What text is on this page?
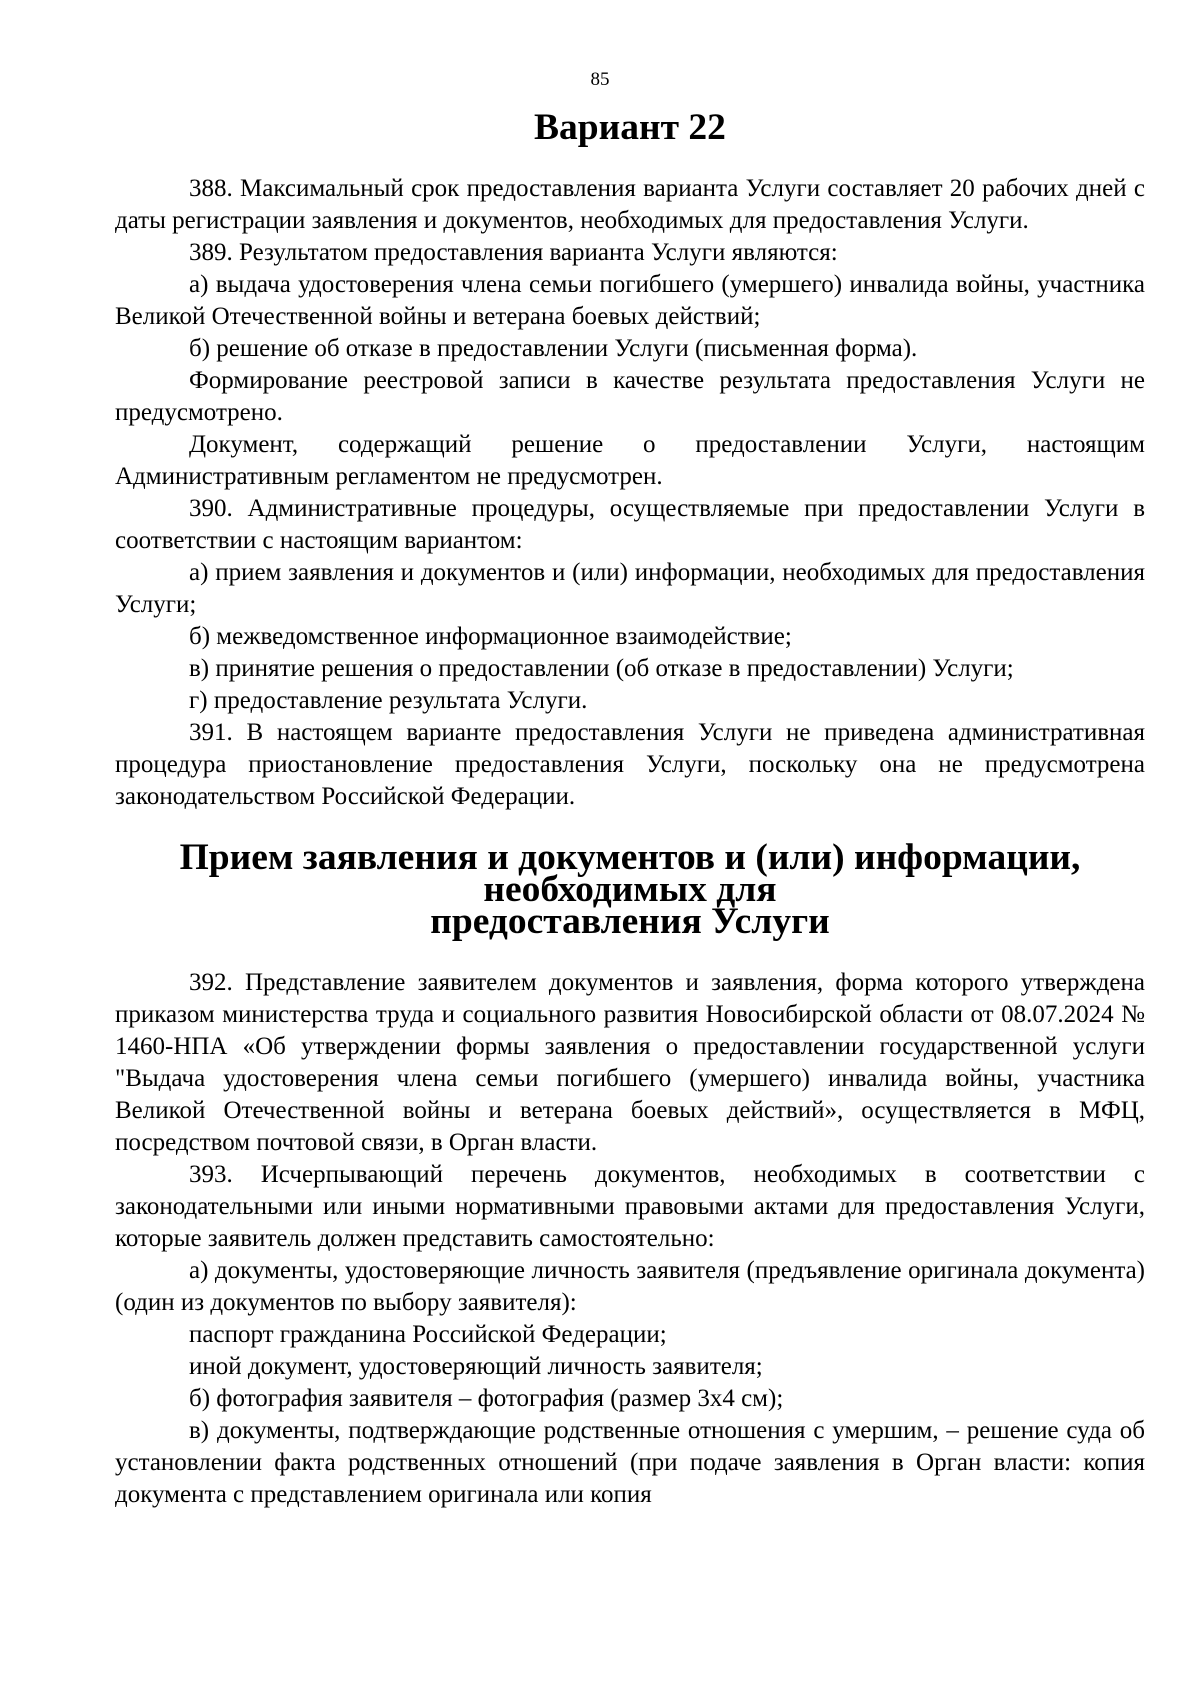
85
Вариант 22

388. Максимальный срок предоставления варианта Услуги составляет 20 рабочих дней с даты регистрации заявления и документов, необходимых для предоставления Услуги.

389. Результатом предоставления варианта Услуги являются:

а) выдача удостоверения члена семьи погибшего (умершего) инвалида войны, участника Великой Отечественной войны и ветерана боевых действий;

б) решение об отказе в предоставлении Услуги (письменная форма).

Формирование реестровой записи в качестве результата предоставления Услуги не предусмотрено.

Документ, содержащий решение о предоставлении Услуги, настоящим Административным регламентом не предусмотрен.

390. Административные процедуры, осуществляемые при предоставлении Услуги в соответствии с настоящим вариантом:

а) прием заявления и документов и (или) информации, необходимых для предоставления Услуги;

б) межведомственное информационное взаимодействие;

в) принятие решения о предоставлении (об отказе в предоставлении) Услуги;

г) предоставление результата Услуги.

391. В настоящем варианте предоставления Услуги не приведена административная процедура приостановление предоставления Услуги, поскольку она не предусмотрена законодательством Российской Федерации.

Прием заявления и документов и (или) информации, необходимых для
предоставления Услуги

392. Представление заявителем документов и заявления, форма которого утверждена приказом министерства труда и социального развития Новосибирской области от 08.07.2024 № 1460-НПА «Об утверждении формы заявления о предоставлении государственной услуги "Выдача удостоверения члена семьи погибшего (умершего) инвалида войны, участника Великой Отечественной войны и ветерана боевых действий», осуществляется в МФЦ, посредством почтовой связи, в Орган власти.

393. Исчерпывающий перечень документов, необходимых в соответствии с законодательными или иными нормативными правовыми актами для предоставления Услуги, которые заявитель должен представить самостоятельно:

а) документы, удостоверяющие личность заявителя (предъявление оригинала документа) (один из документов по выбору заявителя):

паспорт гражданина Российской Федерации;

иной документ, удостоверяющий личность заявителя;

б) фотография заявителя – фотография (размер 3х4 см);

в) документы, подтверждающие родственные отношения с умершим, – решение суда об установлении факта родственных отношений (при подаче заявления в Орган власти: копия документа с представлением оригинала или копия
